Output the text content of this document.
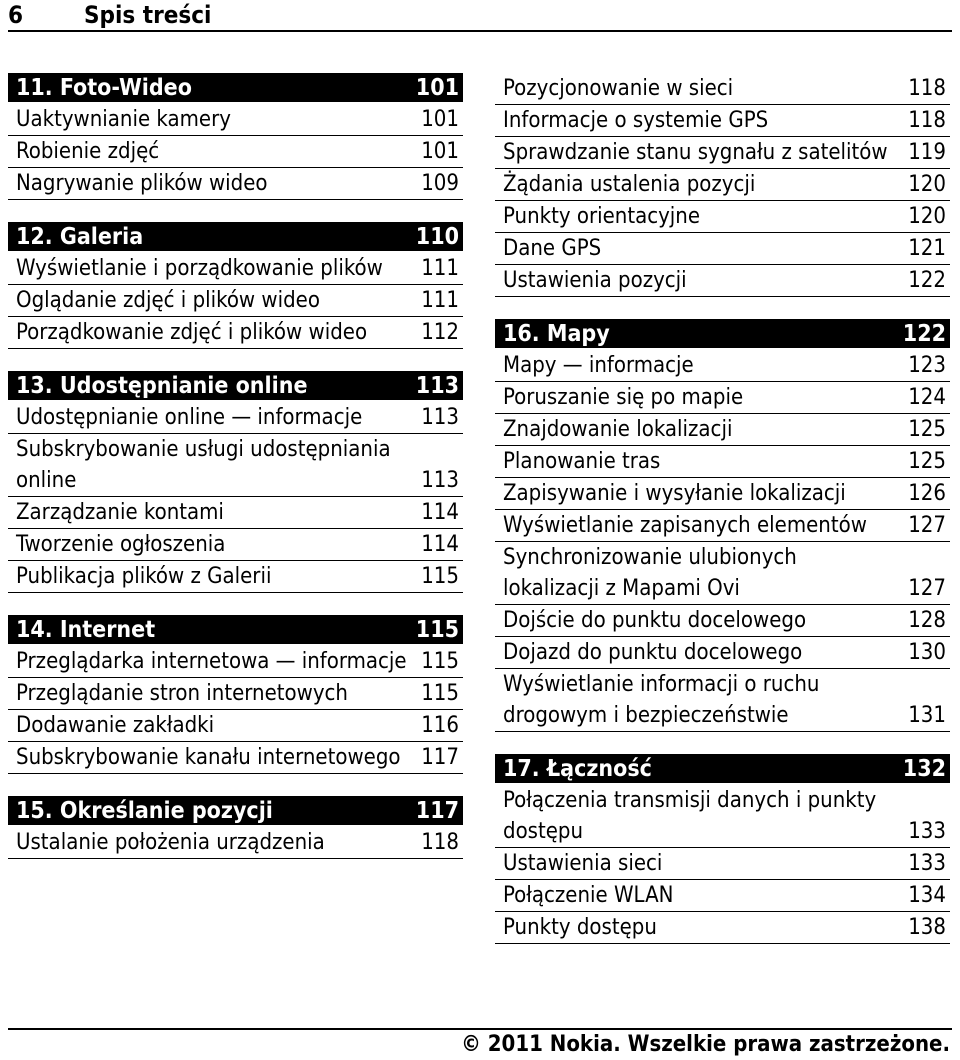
6	Spis treści
11. Foto-Wideo	101
Uaktywnianie kamery	101
Robienie zdjęć	101
Nagrywanie plików wideo	109
12. Galeria	110
Wyświetlanie i porządkowanie plików	111
Oglądanie zdjęć i plików wideo	111
Porządkowanie zdjęć i plików wideo	112
13. Udostępnianie online	113
Udostępnianie online — informacje	113
Subskrybowanie usługi udostępniania online	113
Zarządzanie kontami	114
Tworzenie ogłoszenia	114
Publikacja plików z Galerii	115
14. Internet	115
Przeglądarka internetowa — informacje 115
Przeglądanie stron internetowych	115
Dodawanie zakładki	116
Subskrybowanie kanału internetowego 117
15. Określanie pozycji	117
Ustalanie położenia urządzenia	118
Pozycjonowanie w sieci	118
Informacje o systemie GPS	118
Sprawdzanie stanu sygnału z satelitów 119
Żądania ustalenia pozycji	120
Punkty orientacyjne	120
Dane GPS	121
Ustawienia pozycji	122
16. Mapy	122
Mapy — informacje	123
Poruszanie się po mapie	124
Znajdowanie lokalizacji	125
Planowanie tras	125
Zapisywanie i wysyłanie lokalizacji	126
Wyświetlanie zapisanych elementów	127
Synchronizowanie ulubionych lokalizacji z Mapami Ovi	127
Dojście do punktu docelowego	128
Dojazd do punktu docelowego	130
Wyświetlanie informacji o ruchu drogowym i bezpieczeństwie	131
17. Łączność	132
Połączenia transmisji danych i punkty dostępu	133
Ustawienia sieci	133
Połączenie WLAN	134
Punkty dostępu	138
© 2011 Nokia. Wszelkie prawa zastrzeżone.
